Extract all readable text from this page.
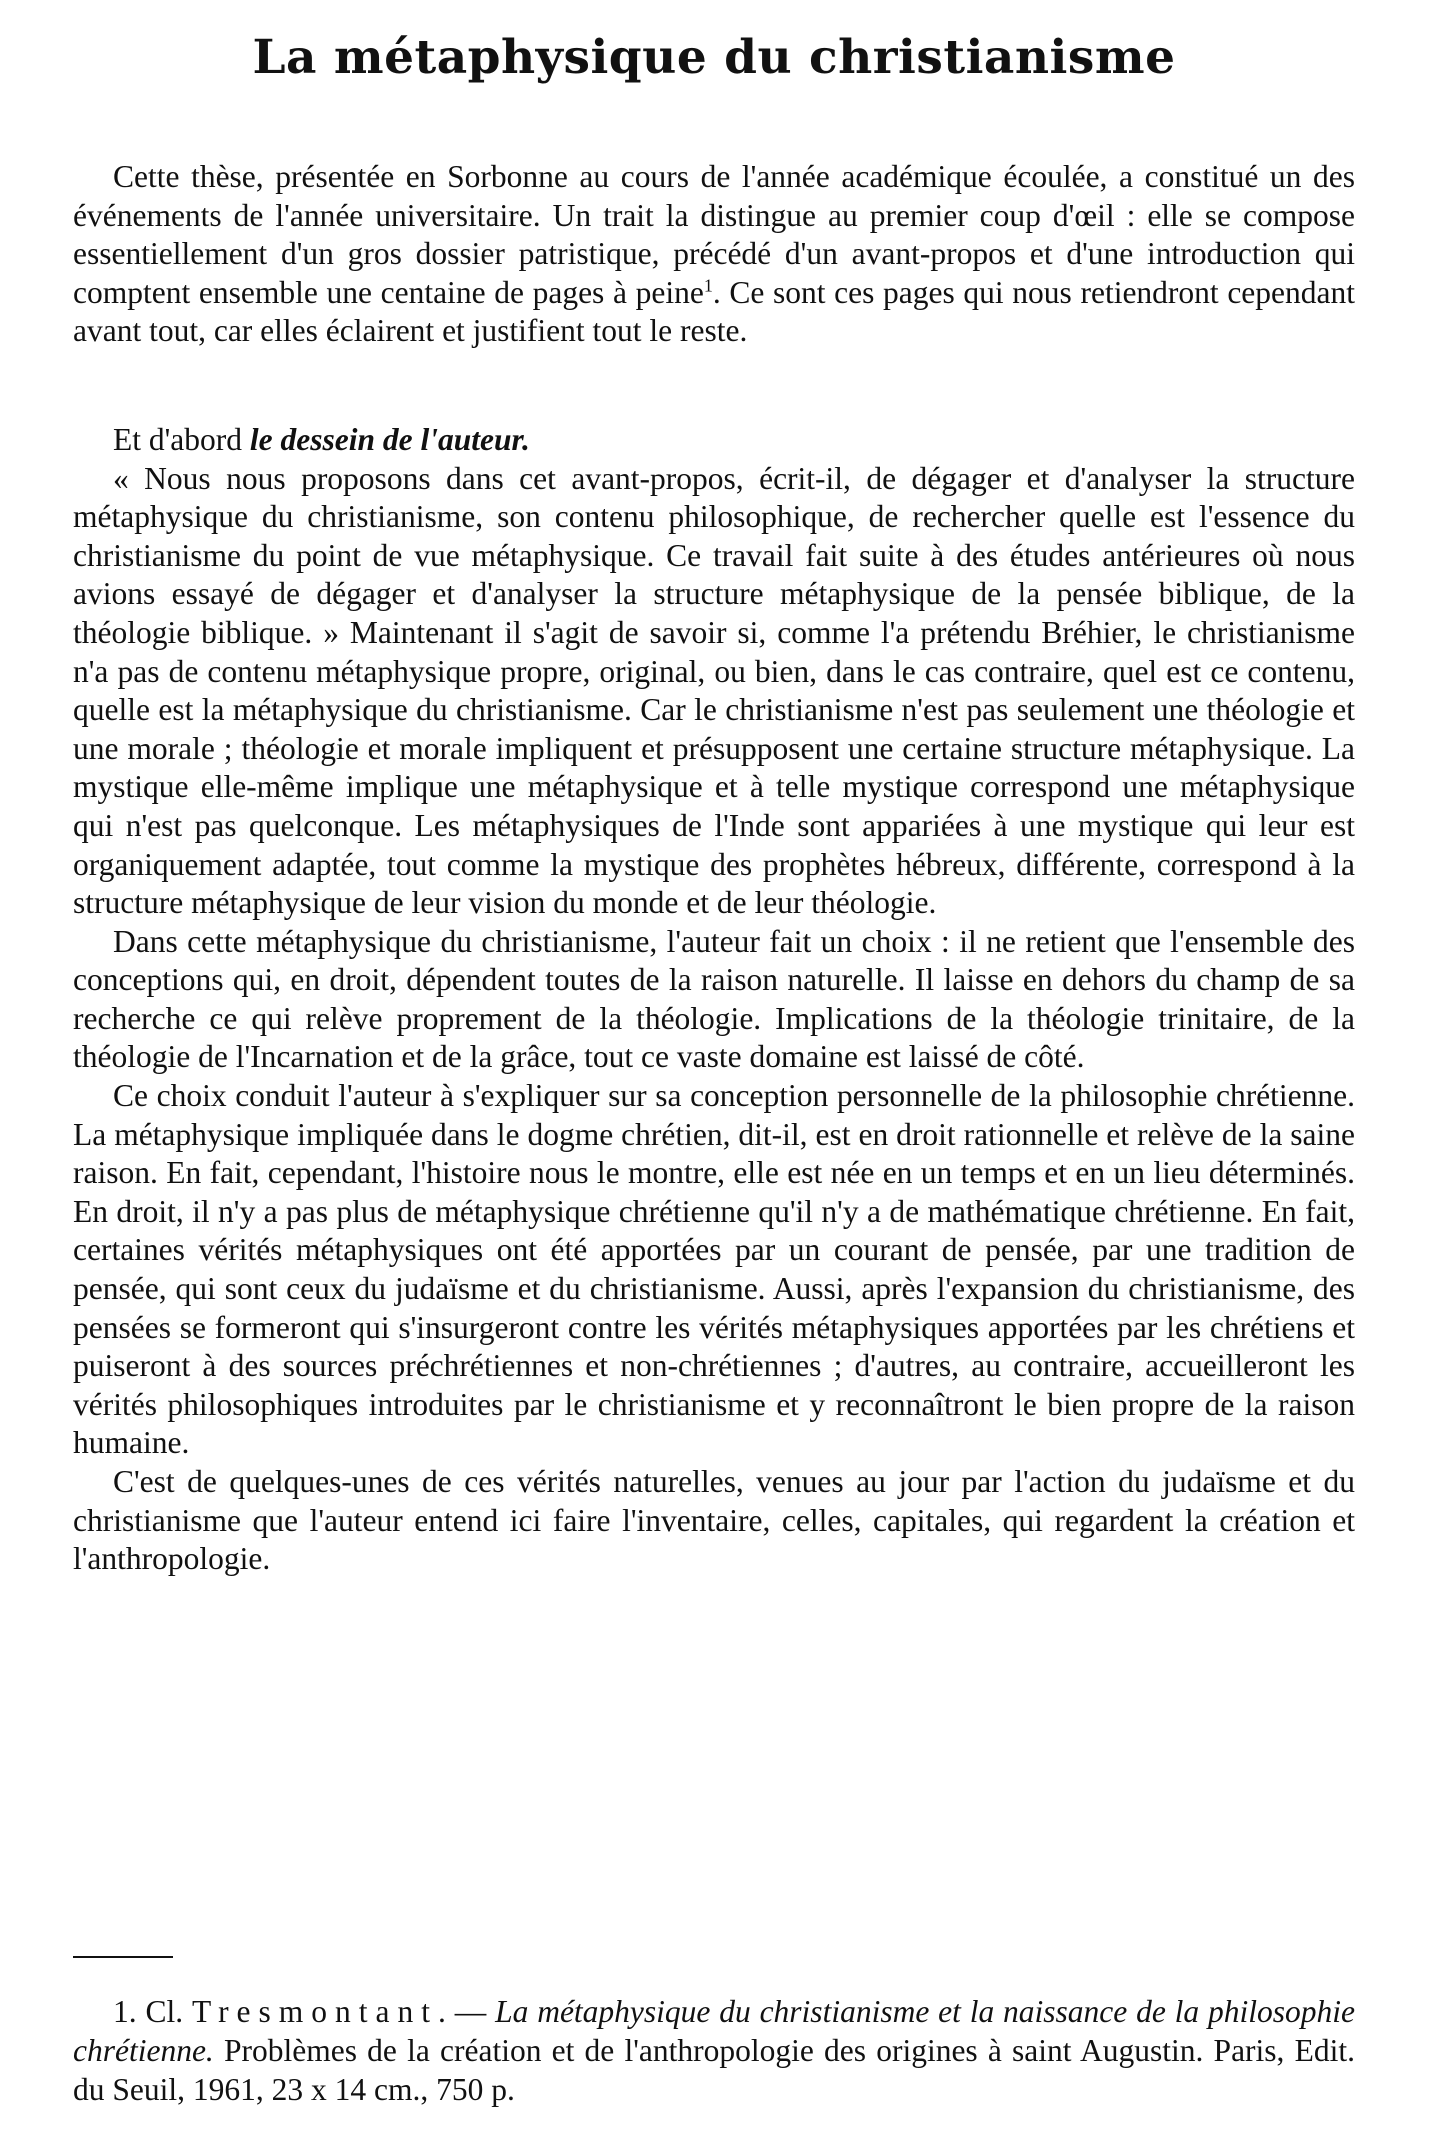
La métaphysique du christianisme

Cette thèse, présentée en Sorbonne au cours de l'année académique écoulée, a constitué un des événements de l'année universitaire. Un trait la distingue au premier coup d'œil : elle se compose essentiellement d'un gros dossier patristique, précédé d'un avant-propos et d'une introduction qui comptent ensemble une centaine de pages à peine$^1$. Ce sont ces pages qui nous retiendront cependant avant tout, car elles éclairent et justifient tout le reste.

Et d'abord le dessein de l'auteur.

« Nous nous proposons dans cet avant-propos, écrit-il, de dégager et d'analyser la structure métaphysique du christianisme, son contenu philosophique, de rechercher quelle est l'essence du christianisme du point de vue métaphysique. Ce travail fait suite à des études antérieures où nous avions essayé de dégager et d'analyser la structure métaphysique de la pensée biblique, de la théologie biblique. » Maintenant il s'agit de savoir si, comme l'a prétendu Bréhier, le christianisme n'a pas de contenu métaphysique propre, original, ou bien, dans le cas contraire, quel est ce contenu, quelle est la métaphysique du christianisme. Car le christianisme n'est pas seulement une théologie et une morale ; théologie et morale impliquent et présupposent une certaine structure métaphysique. La mystique elle-même implique une métaphysique et à telle mystique correspond une métaphysique qui n'est pas quelconque. Les métaphysiques de l'Inde sont appariées à une mystique qui leur est organiquement adaptée, tout comme la mystique des prophètes hébreux, différente, correspond à la structure métaphysique de leur vision du monde et de leur théologie.

Dans cette métaphysique du christianisme, l'auteur fait un choix : il ne retient que l'ensemble des conceptions qui, en droit, dépendent toutes de la raison naturelle. Il laisse en dehors du champ de sa recherche ce qui relève proprement de la théologie. Implications de la théologie trinitaire, de la théologie de l'Incarnation et de la grâce, tout ce vaste domaine est laissé de côté.

Ce choix conduit l'auteur à s'expliquer sur sa conception personnelle de la philosophie chrétienne. La métaphysique impliquée dans le dogme chrétien, dit-il, est en droit rationnelle et relève de la saine raison. En fait, cependant, l'histoire nous le montre, elle est née en un temps et en un lieu déterminés. En droit, il n'y a pas plus de métaphysique chrétienne qu'il n'y a de mathématique chrétienne. En fait, certaines vérités métaphysiques ont été apportées par un courant de pensée, par une tradition de pensée, qui sont ceux du judaïsme et du christianisme. Aussi, après l'expansion du christianisme, des pensées se formeront qui s'insurgeront contre les vérités métaphysiques apportées par les chrétiens et puiseront à des sources préchrétiennes et non-chrétiennes ; d'autres, au contraire, accueilleront les vérités philosophiques introduites par le christianisme et y reconnaîtront le bien propre de la raison humaine.

C'est de quelques-unes de ces vérités naturelles, venues au jour par l'action du judaïsme et du christianisme que l'auteur entend ici faire l'inventaire, celles, capitales, qui regardent la création et l'anthropologie.

1. Cl. Tresmontant. — La métaphysique du christianisme et la naissance de la philosophie chrétienne. Problèmes de la création et de l'anthropologie des origines à saint Augustin. Paris, Edit. du Seuil, 1961, 23 x 14 cm., 750 p.
